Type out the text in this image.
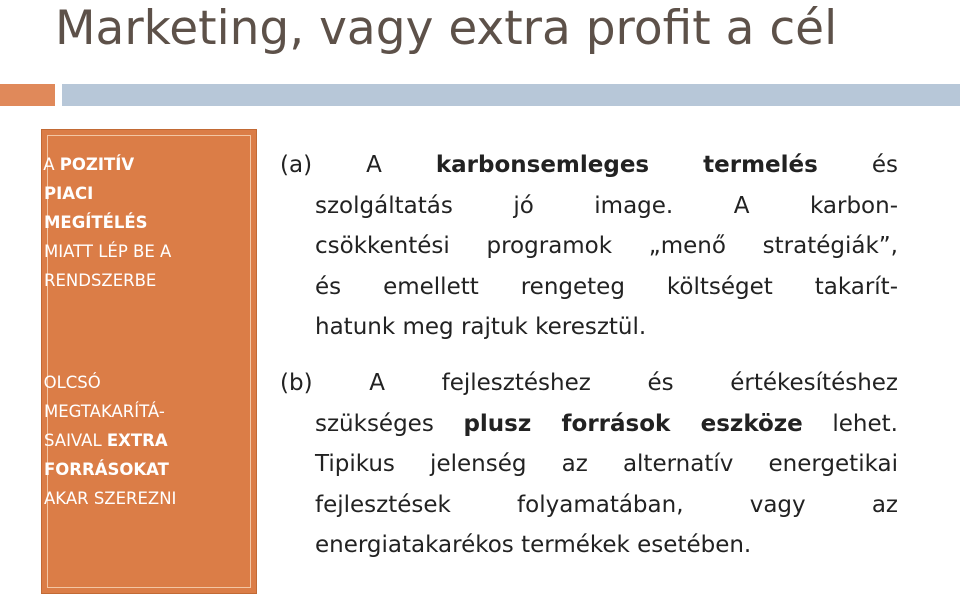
Marketing, vagy extra profit a cél
(a) A POZITÍV
PIACI
MEGÍTÉLÉS
MIATT LÉP BE A
RENDSZERBE
(b) OLCSÓ
MEGTAKARÍTÁ-
SAIVAL EXTRA
FORRÁSOKAT
AKAR SZEREZNI
(a) A karbonsemleges termelés és
szolgáltatás jó image. A karbon-
csökkentési programok „menő stratégiák”,
és emellett rengeteg költséget takarít-
hatunk meg rajtuk keresztül.
(b) A fejlesztéshez és értékesítéshez
szükséges plusz források eszköze lehet.
Tipikus jelenség az alternatív energetikai
fejlesztések folyamatában, vagy az
energiatakarékos termékek esetében.
